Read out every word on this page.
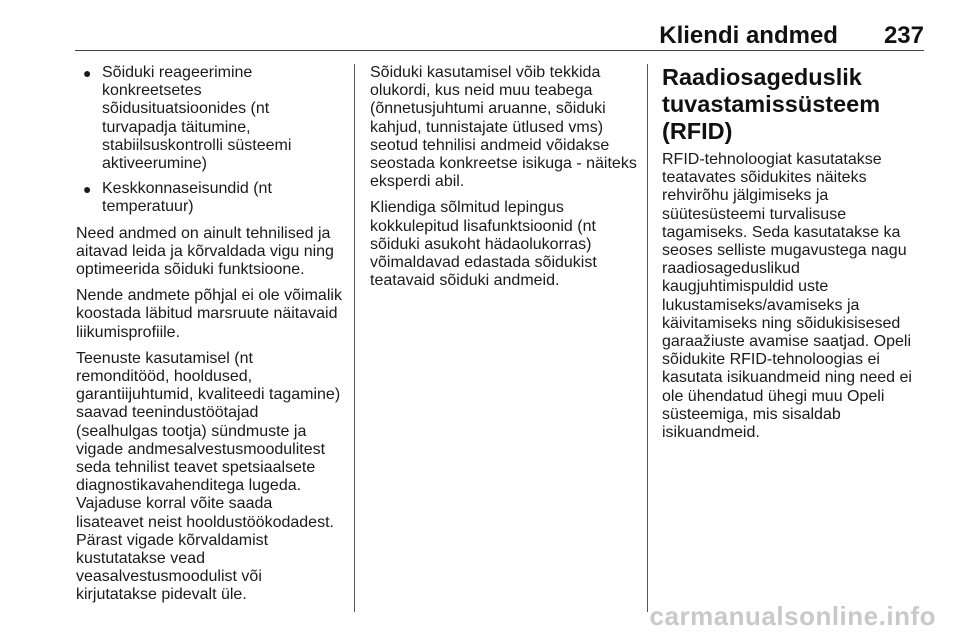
Kliendi andmed 237
● Sõiduki reageerimine konkreetsetes sõidusituatsioonides (nt turvapadja täitumine, stabiilsuskontrolli süsteemi aktiveerumine)
● Keskkonnaseisundid (nt temperatuur)

Need andmed on ainult tehnilised ja aitavad leida ja kõrvaldada vigu ning optimeerida sõiduki funktsioone.

Nende andmete põhjal ei ole võimalik koostada läbitud marsruute näitavaid liikumisprofiile.

Teenuste kasutamisel (nt remonditööd, hooldused, garantiijuhtumid, kvaliteedi tagamine) saavad teenindustöötajad (sealhulgas tootja) sündmuste ja vigade andmesalvestusmoodulitest seda tehnilist teavet spetsiaalsete diagnostikavahenditega lugeda. Vajaduse korral võite saada lisateavet neist hooldustöökodadest. Pärast vigade kõrvaldamist kustutatakse vead veasalvestusmoodulist või kirjutatakse pidevalt üle.

Sõiduki kasutamisel võib tekkida olukordi, kus neid muu teabega (õnnetusjuhtumi aruanne, sõiduki kahjud, tunnistajate ütlused vms) seotud tehnilisi andmeid võidakse seostada konkreetse isikuga - näiteks eksperdi abil.

Kliendiga sõlmitud lepingus kokkulepitud lisafunktsioonid (nt sõiduki asukoht hädaolukorras) võimaldavad edastada sõidukist teatavaid sõiduki andmeid.

Raadiosageduslik tuvastamissüsteem (RFID)

RFID-tehnoloogiat kasutatakse teatavates sõidukites näiteks rehvirõhu jälgimiseks ja süütesüsteemi turvalisuse tagamiseks. Seda kasutatakse ka seoses selliste mugavustega nagu raadiosageduslikud kaugjuhtimispuldid uste lukustamiseks/avamiseks ja käivitamiseks ning sõidukisisesed garaažiuste avamise saatjad. Opeli sõidukite RFID-tehnoloogias ei kasutata isikuandmeid ning need ei ole ühendatud ühegi muu Opeli süsteemiga, mis sisaldab isikuandmeid.

carmanualsonline.info
